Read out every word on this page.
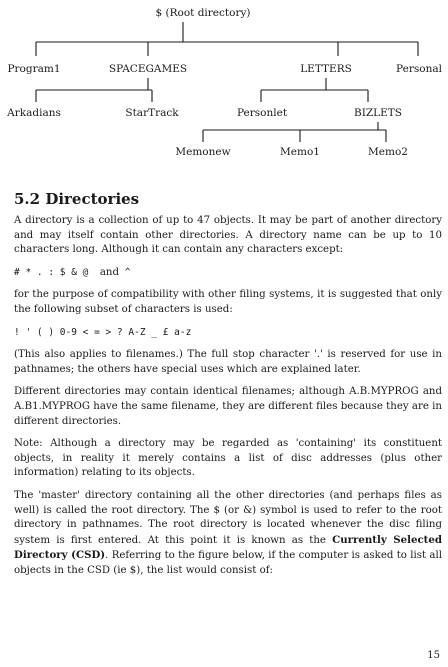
$ (Root directory)
Program1	SPACEGAMES	LETTERS	Personal
Arkadians	StarTrack	Personlet	BIZLETS
Memonew	Memo1	Memo2
5.2 Directories

A directory is a collection of up to 47 objects. It may be part of another directory and may itself contain other directories. A directory name can be up to 10 characters long. Although it can contain any characters except:

# * . : $ & @ and ^

for the purpose of compatibility with other filing systems, it is suggested that only the following subset of characters is used:

! ' ( ) 0-9 < = > ? A-Z _ £ a-z

(This also applies to filenames.) The full stop character '.' is reserved for use in pathnames; the others have special uses which are explained later.

Different directories may contain identical filenames; although A.B.MYPROG and A.B1.MYPROG have the same filename, they are different files because they are in different directories.

Note: Although a directory may be regarded as 'containing' its constituent objects, in reality it merely contains a list of disc addresses (plus other information) relating to its objects.

The 'master' directory containing all the other directories (and perhaps files as well) is called the root directory. The $ (or &) symbol is used to refer to the root directory in pathnames. The root directory is located whenever the disc filing system is first entered. At this point it is known as the Currently Selected Directory (CSD). Referring to the figure below, if the computer is asked to list all objects in the CSD (ie $), the list would consist of:

15
